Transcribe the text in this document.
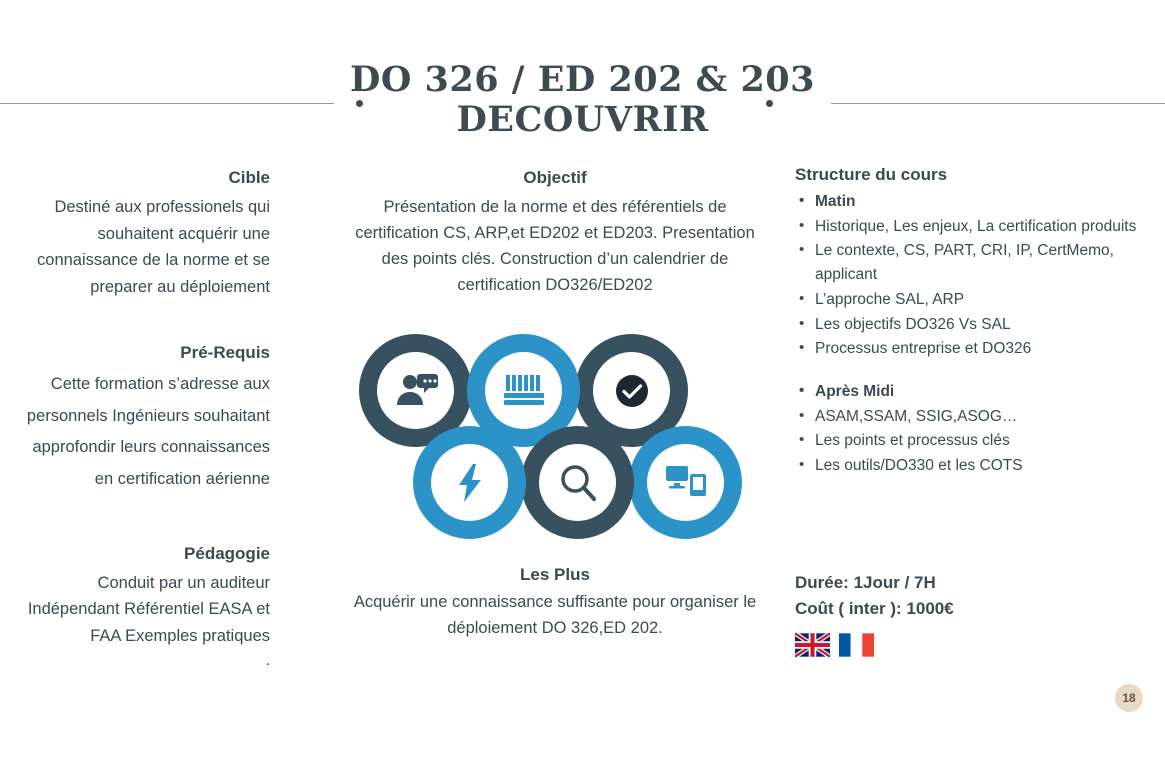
DO 326 / ED 202 & 203
DECOUVRIR
Cible
Destiné aux professionels qui souhaitent acquérir une connaissance de la norme et se preparer au déploiement
Pré-Requis
Cette formation s’adresse aux personnels Ingénieurs souhaitant approfondir leurs connaissances en certification aérienne
Pédagogie
Conduit par un auditeur Indépendant Référentiel EASA et FAA Exemples pratiques
.
Objectif
Présentation de la norme et des référentiels de certification CS, ARP,et ED202 et ED203. Presentation des points clés. Construction d’un calendrier de certification DO326/ED202
Les Plus
Acquérir une connaissance suffisante pour organiser le déploiement DO 326,ED 202.
Structure du cours
• Matin
• Historique, Les enjeux, La certification produits
• Le contexte, CS, PART, CRI, IP, CertMemo, applicant
• L’approche SAL, ARP
• Les objectifs DO326 Vs SAL
• Processus entreprise et DO326
• Après Midi
• ASAM,SSAM, SSIG,ASOG…
• Les points et processus clés
• Les outils/DO330 et les COTS
Durée: 1Jour / 7H
Coût ( inter ): 1000€
18
